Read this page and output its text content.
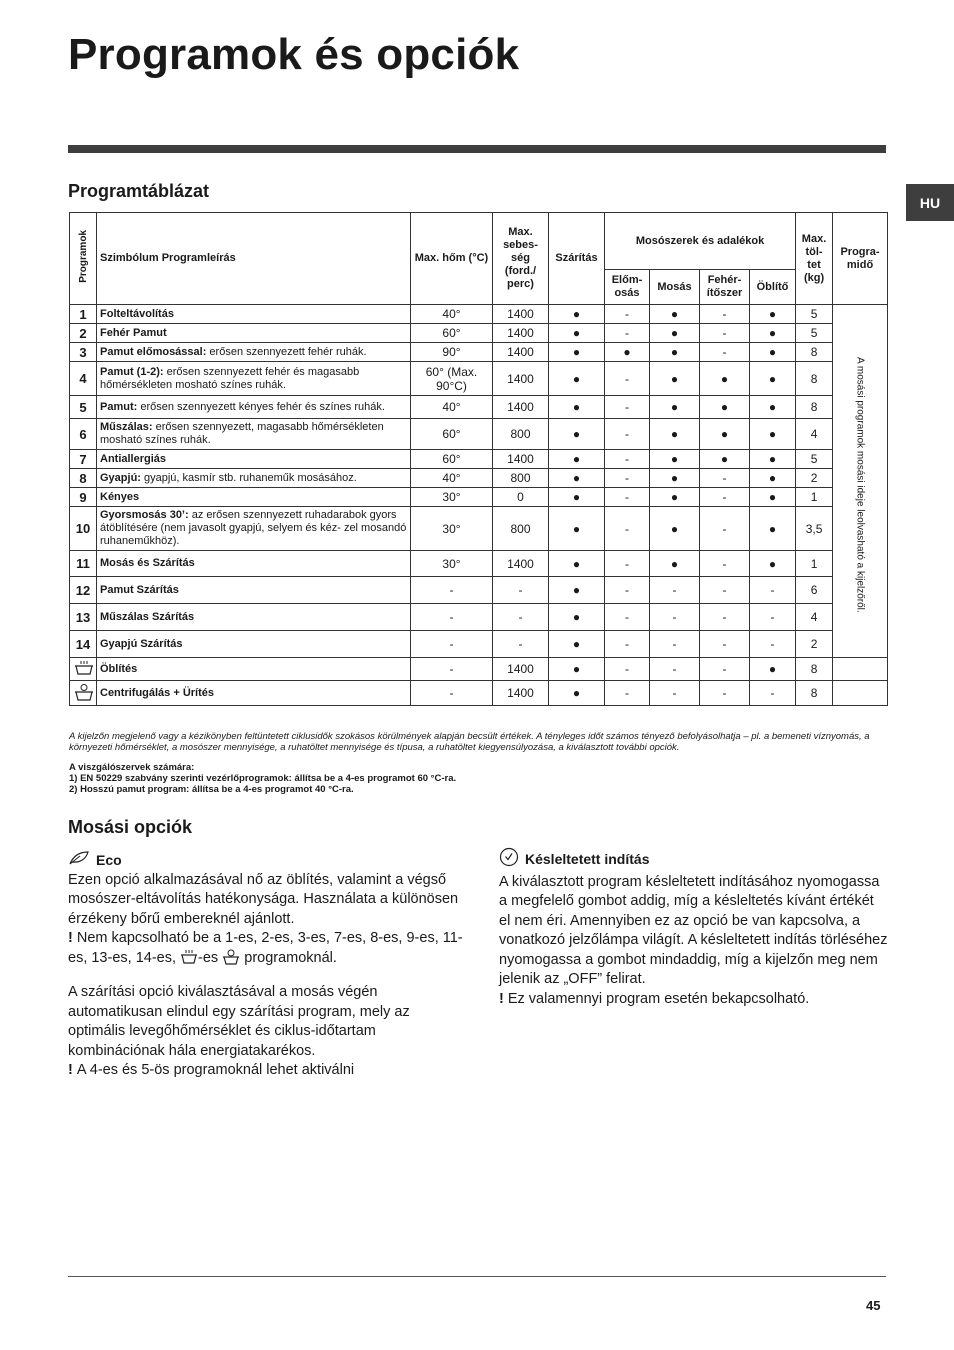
Programok és opciók
HU
Programtáblázat
Programok	Szimbólum Programleírás	Max. hőm (°C)	Max. sebes- ség (ford./ perc)	Szárítás	Mosószerek és adalékok				Max. töl- tet (kg)	Progra- midő
					Előm- osás	Mosás	Fehér- ítőszer	Öblítő		
1	Folteltávolítás	40°	1400	●	-	●	-	●	5	A mosási programok mosási ideje leolvasható a kijelzőről.
2	Fehér Pamut	60°	1400	●	-	●	-	●	5	
3	Pamut előmosással: erősen szennyezett fehér ruhák.	90°	1400	●	●	●	-	●	8	
4	Pamut (1-2): erősen szennyezett fehér és magasabb hőmérsékleten mosható színes ruhák.	60° (Max. 90°C)	1400	●	-	●	●	●	8	
5	Pamut: erősen szennyezett kényes fehér és színes ruhák.	40°	1400	●	-	●	●	●	8	
6	Műszálas: erősen szennyezett, magasabb hőmérsékleten mosható színes ruhák.	60°	800	●	-	●	●	●	4	
7	Antiallergiás	60°	1400	●	-	●	●	●	5	
8	Gyapjú: gyapjú, kasmír stb. ruhaneműk mosásához.	40°	800	●	-	●	-	●	2	
9	Kényes	30°	0	●	-	●	-	●	1	
10	Gyorsmosás 30’: az erősen szennyezett ruhadarabok gyors átöblítésére (nem javasolt gyapjú, selyem és kéz- zel mosandó ruhaneműkhöz).	30°	800	●	-	●	-	●	3,5	
11	Mosás és Szárítás	30°	1400	●	-	●	-	●	1	
12	Pamut Szárítás	-	-	●	-	-	-	-	6	
13	Műszálas Szárítás	-	-	●	-	-	-	-	4	
14	Gyapjú Szárítás	-	-	●	-	-	-	-	2	
	Öblítés	-	1400	●	-	-	-	●	8	
	Centrifugálás + Ürítés	-	1400	●	-	-	-	-	8	

A kijelzőn megjelenő vagy a kézikönyben feltüntetett ciklusidők szokásos körülmények alapján becsült értékek. A tényleges időt számos tényező befolyásolhatja – pl. a bemeneti víznyomás, a környezeti hőmérséklet, a mosószer mennyisége, a ruhatöltet mennyisége és típusa, a ruhatöltet kiegyensúlyozása, a kiválasztott további opciók.

A viszgálószervek számára:
1) EN 50229 szabvány szerinti vezérlőprogramok: állítsa be a 4-es programot 60 °C-ra.
2) Hosszú pamut program: állítsa be a 4-es programot 40 °C-ra.
Mosási opciók
Eco

Ezen opció alkalmazásával nő az öblítés, valamint a végső mosószer-eltávolítás hatékonysága. Használata a különösen érzékeny bőrű embereknél ajánlott.

! Nem kapcsolható be a 1-es, 2-es, 3-es, 7-es, 8-es, 9-es, 11-es, 13-es, 14-es, -es programoknál.

A szárítási opció kiválasztásával a mosás végén automatikusan elindul egy szárítási program, mely az optimális levegőhőmérséklet és ciklus-időtartam kombinációnak hála energiatakarékos.

! A 4-es és 5-ös programoknál lehet aktiválni

Késleltetett indítás

A kiválasztott program késleltetett indításához nyomogassa a megfelelő gombot addig, míg a késleltetés kívánt értékét el nem éri. Amennyiben ez az opció be van kapcsolva, a vonatkozó jelzőlámpa világít. A késleltetett indítás törléséhez nyomogassa a gombot mindaddig, míg a kijelzőn meg nem jelenik az „OFF” felirat.

! Ez valamennyi program esetén bekapcsolható.

45
